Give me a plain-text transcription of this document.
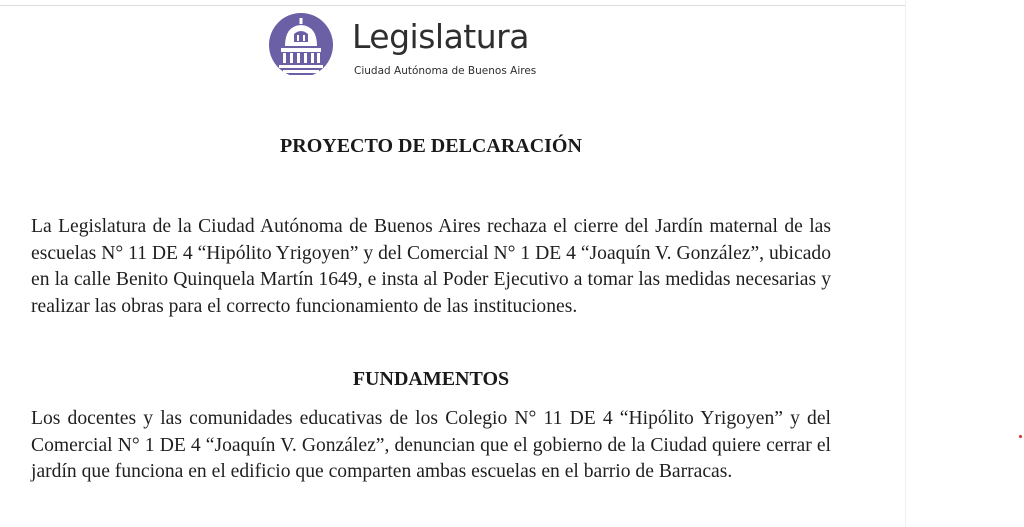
Legislatura
Ciudad Autónoma de Buenos Aires
PROYECTO DE DELCARACIÓN
La Legislatura de la Ciudad Autónoma de Buenos Aires rechaza el cierre del Jardín maternal de las escuelas N° 11 DE 4 “Hipólito Yrigoyen” y del Comercial N° 1 DE 4 “Joaquín V. González”, ubicado en la calle Benito Quinquela Martín 1649, e insta al Poder Ejecutivo a tomar las medidas necesarias y realizar las obras para el correcto funcionamiento de las instituciones.
FUNDAMENTOS
Los docentes y las comunidades educativas de los Colegio N° 11 DE 4 “Hipólito Yrigoyen” y del Comercial N° 1 DE 4 “Joaquín V. González”, denuncian que el gobierno de la Ciudad quiere cerrar el jardín que funciona en el edificio que comparten ambas escuelas en el barrio de Barracas.
